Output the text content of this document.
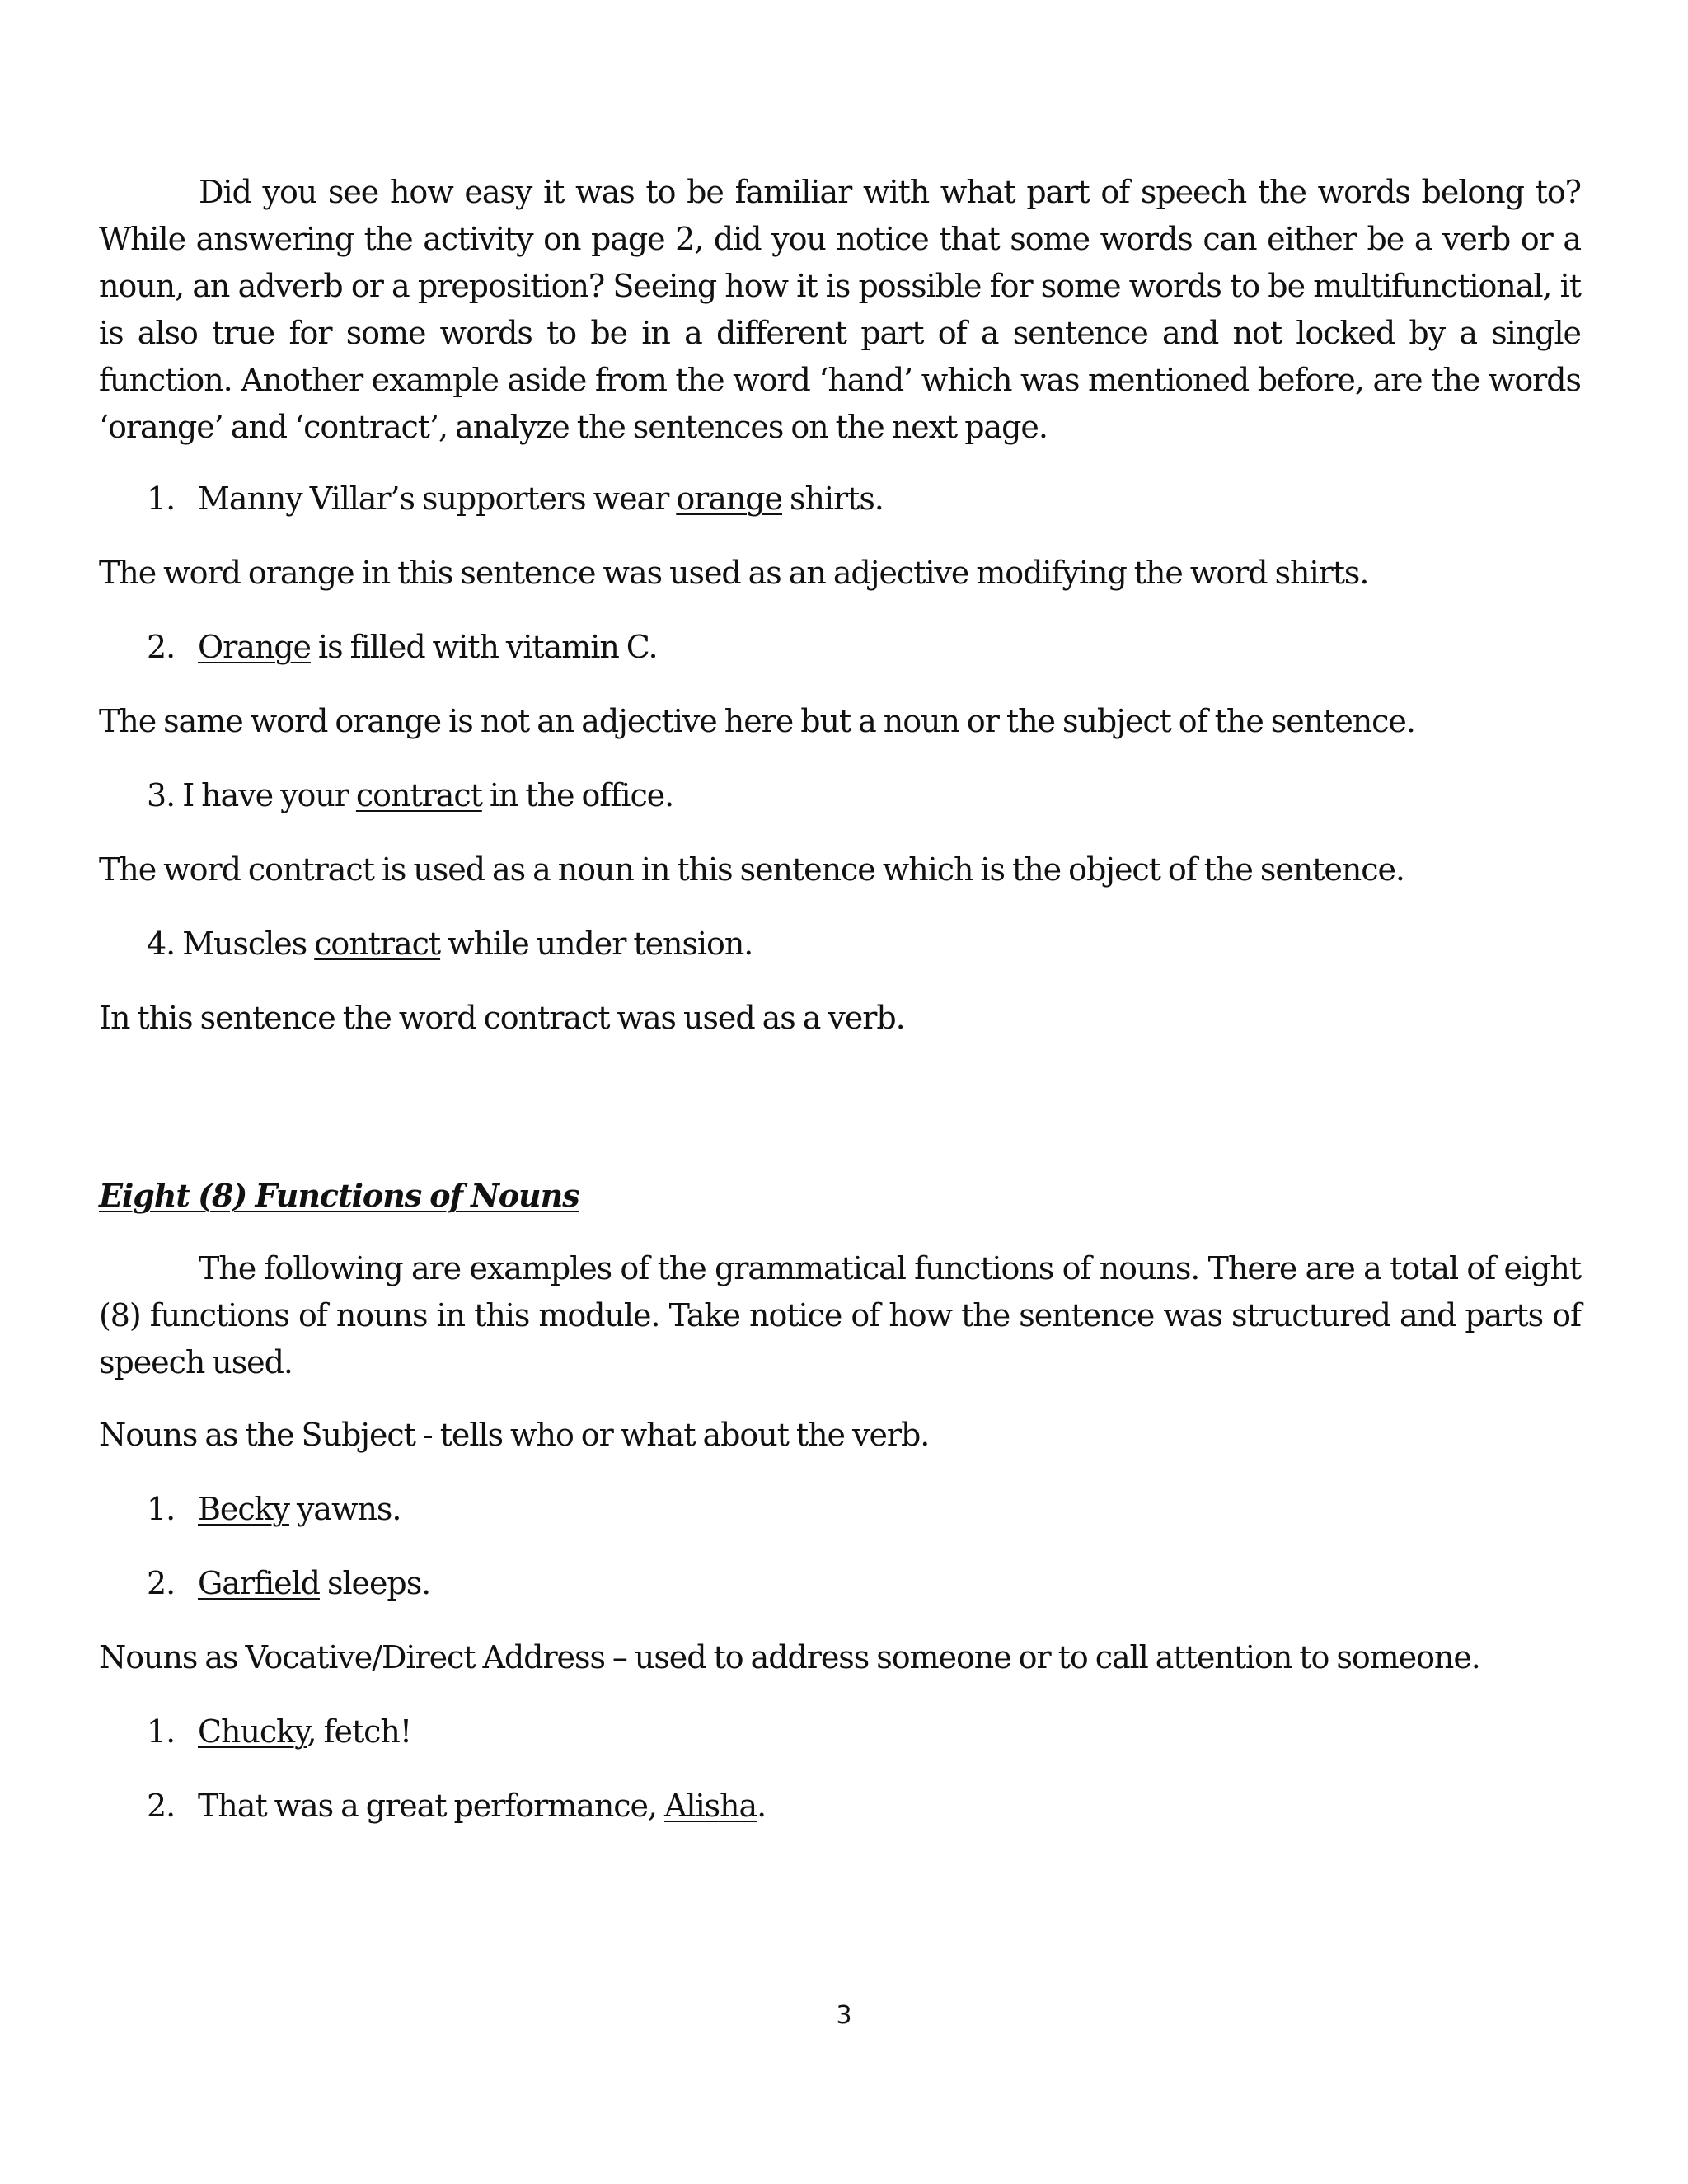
Did you see how easy it was to be familiar with what part of speech the words belong to? While answering the activity on page 2, did you notice that some words can either be a verb or a noun, an adverb or a preposition? Seeing how it is possible for some words to be multifunctional, it is also true for some words to be in a different part of a sentence and not locked by a single function. Another example aside from the word ‘hand’ which was mentioned before, are the words ‘orange’ and ‘contract’, analyze the sentences on the next page.

1. Manny Villar’s supporters wear orange shirts.

The word orange in this sentence was used as an adjective modifying the word shirts.

2. Orange is filled with vitamin C.

The same word orange is not an adjective here but a noun or the subject of the sentence.

3. I have your contract in the office.

The word contract is used as a noun in this sentence which is the object of the sentence.

4. Muscles contract while under tension.

In this sentence the word contract was used as a verb.

Eight (8) Functions of Nouns

The following are examples of the grammatical functions of nouns. There are a total of eight (8) functions of nouns in this module. Take notice of how the sentence was structured and parts of speech used.

Nouns as the Subject - tells who or what about the verb.

1. Becky yawns.

2. Garfield sleeps.

Nouns as Vocative/Direct Address – used to address someone or to call attention to someone.

1. Chucky, fetch!

2. That was a great performance, Alisha.

3
